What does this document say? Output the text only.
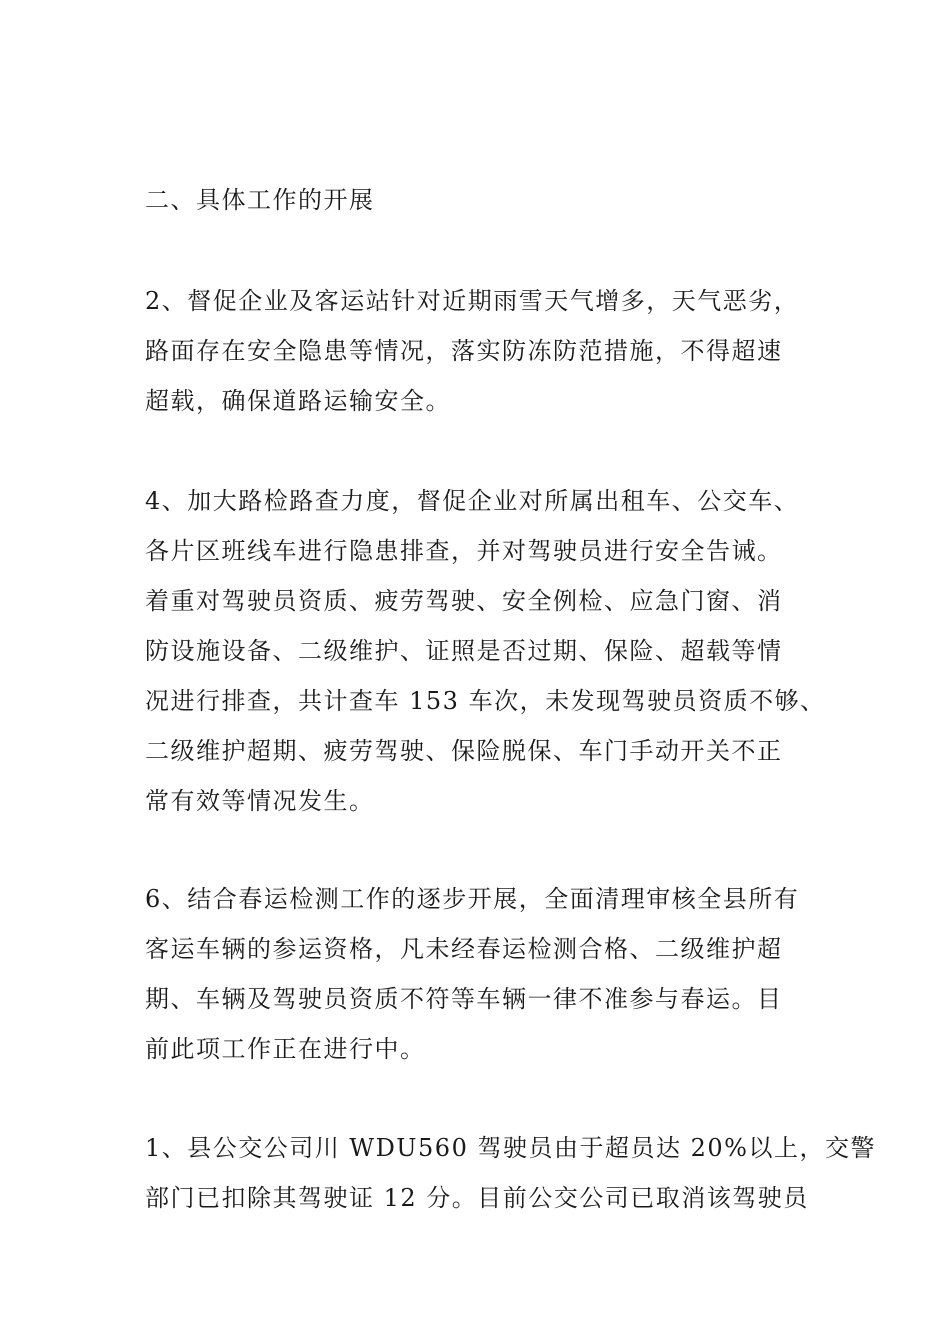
二、具体工作的开展

2、督促企业及客运站针对近期雨雪天气增多，天气恶劣，
路面存在安全隐患等情况，落实防冻防范措施，不得超速
超载，确保道路运输安全。

4、加大路检路查力度，督促企业对所属出租车、公交车、
各片区班线车进行隐患排查，并对驾驶员进行安全告诫。
着重对驾驶员资质、疲劳驾驶、安全例检、应急门窗、消
防设施设备、二级维护、证照是否过期、保险、超载等情
况进行排查，共计查车 153 车次，未发现驾驶员资质不够、
二级维护超期、疲劳驾驶、保险脱保、车门手动开关不正
常有效等情况发生。

6、结合春运检测工作的逐步开展，全面清理审核全县所有
客运车辆的参运资格，凡未经春运检测合格、二级维护超
期、车辆及驾驶员资质不符等车辆一律不准参与春运。目
前此项工作正在进行中。

1、县公交公司川 WDU560 驾驶员由于超员达 20%以上，交警
部门已扣除其驾驶证 12 分。目前公交公司已取消该驾驶员
